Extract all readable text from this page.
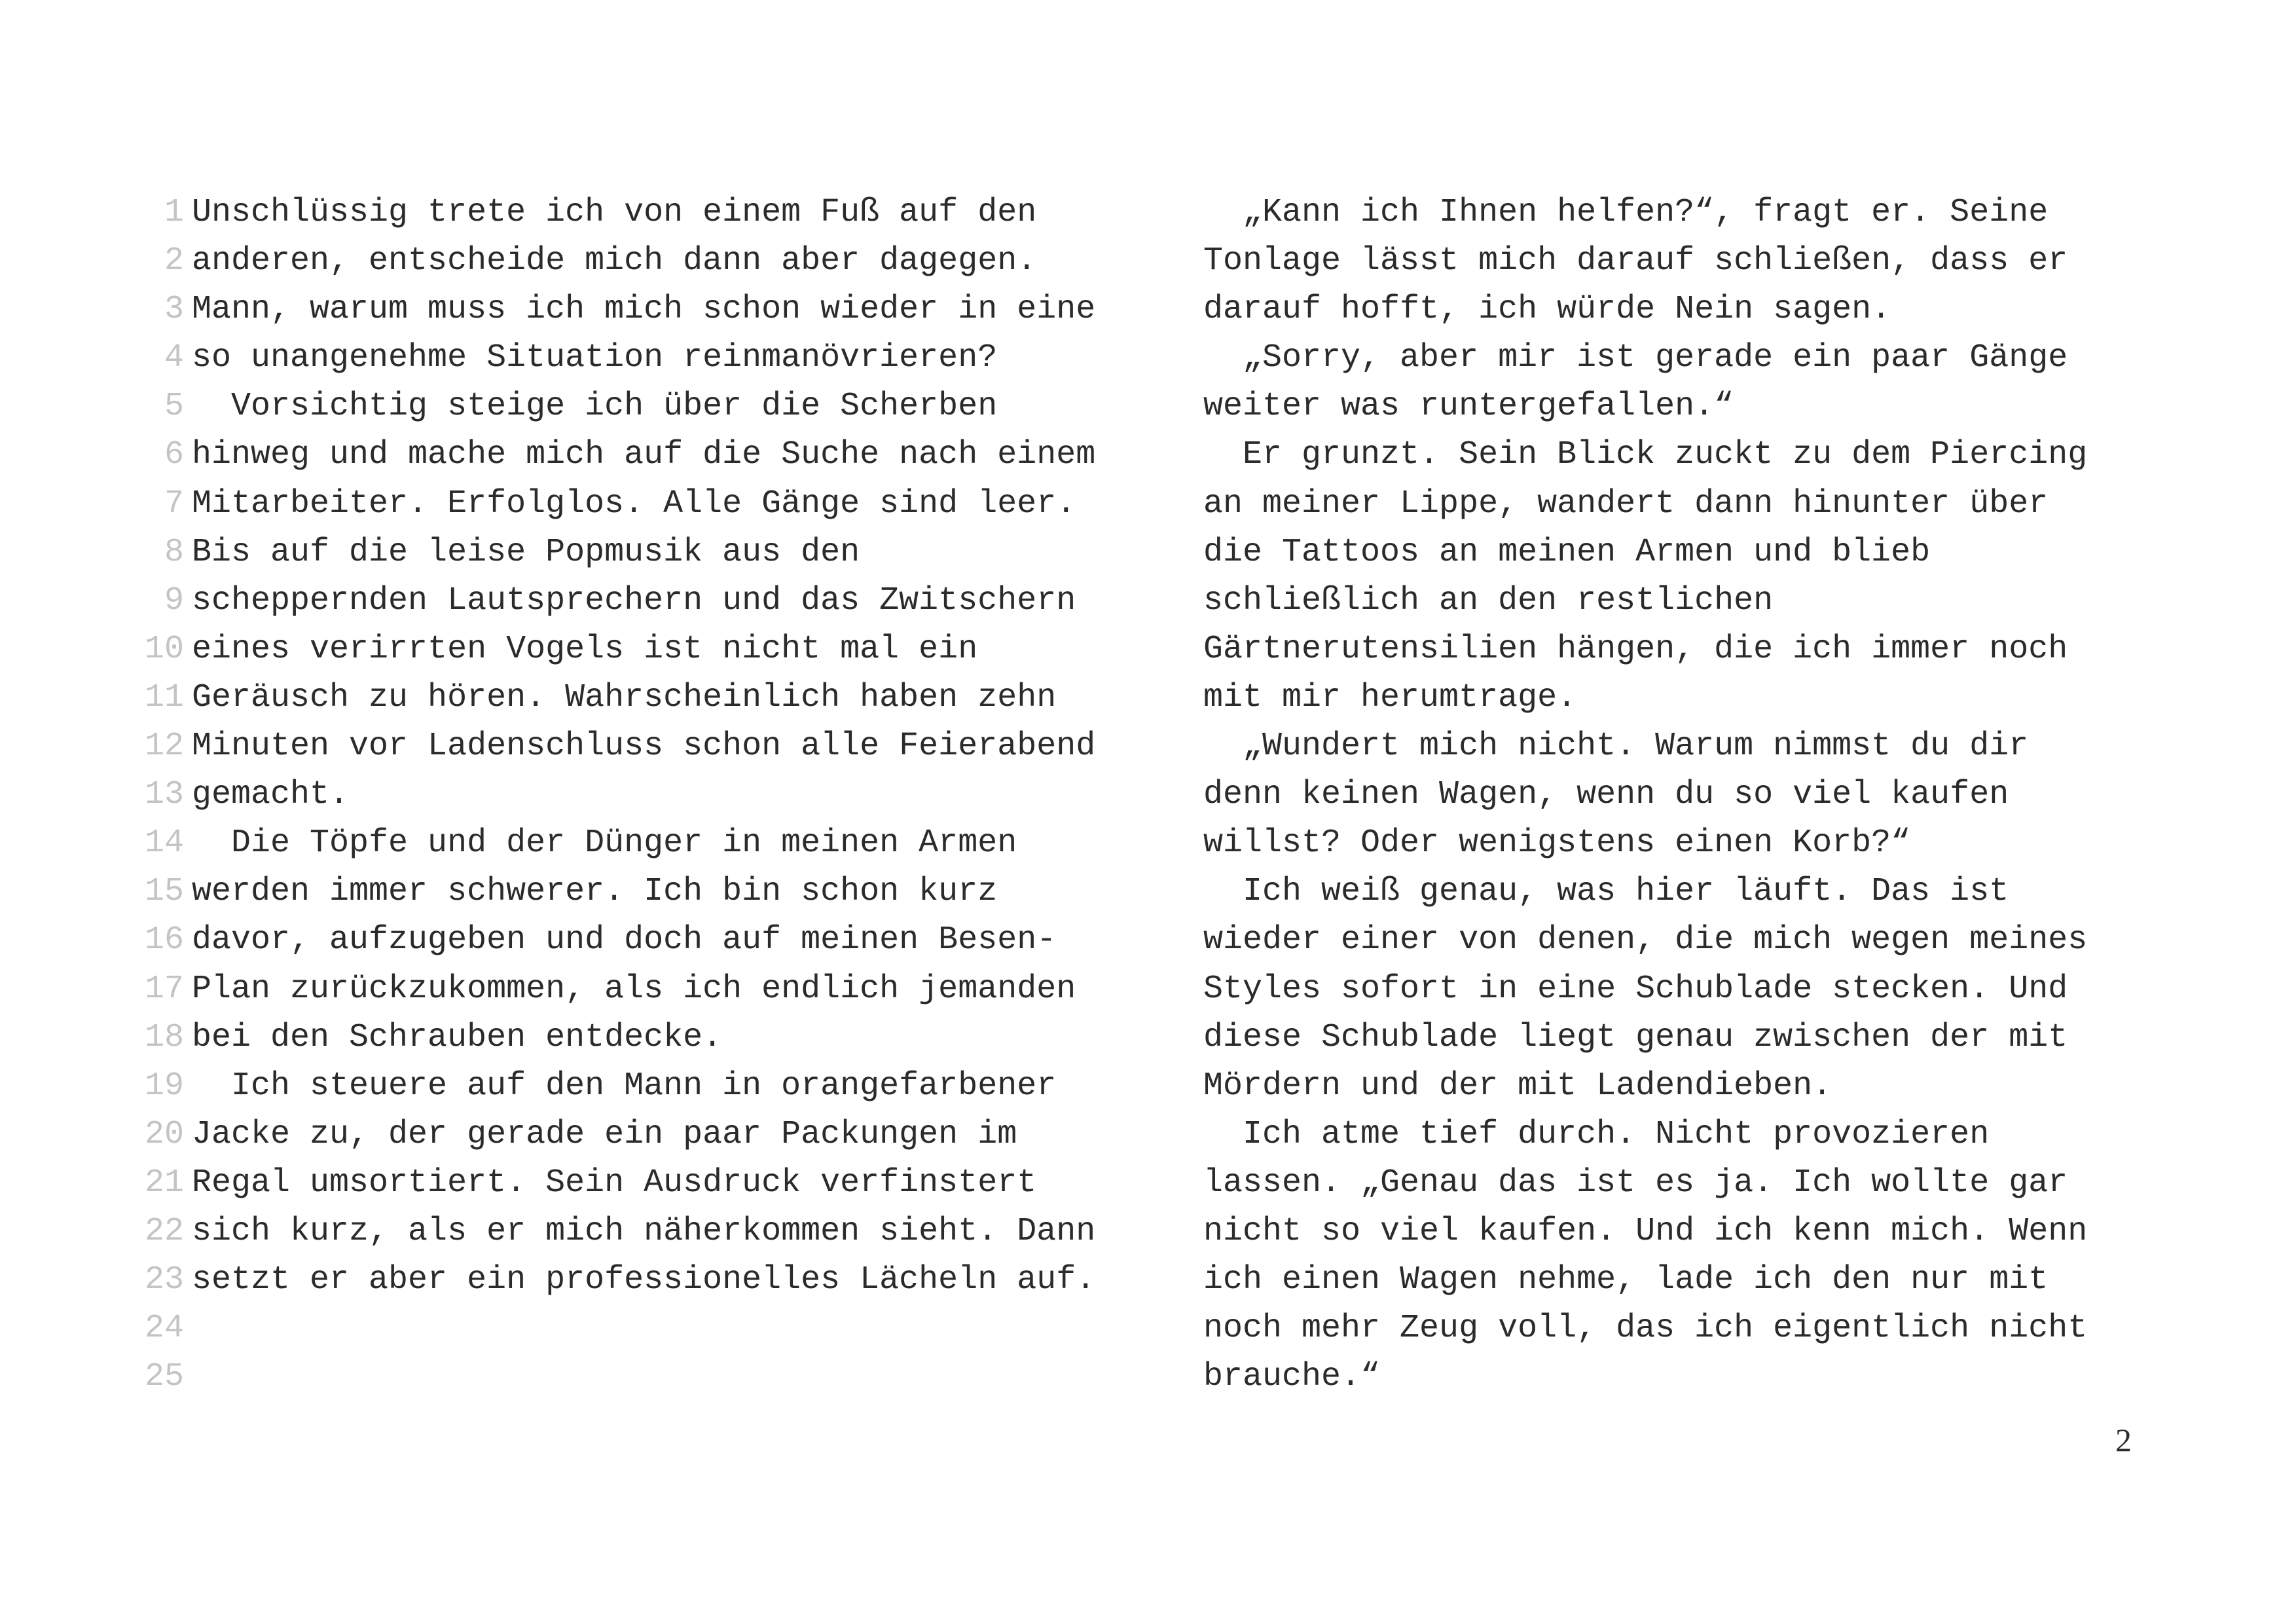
1 Unschlüssig trete ich von einem Fuß auf den
2 anderen, entscheide mich dann aber dagegen.
3 Mann, warum muss ich mich schon wieder in eine
4 so unangenehme Situation reinmanövrieren?
5 Vorsichtig steige ich über die Scherben
6 hinweg und mache mich auf die Suche nach einem
7 Mitarbeiter. Erfolglos. Alle Gänge sind leer.
8 Bis auf die leise Popmusik aus den
9 scheppernden Lautsprechern und das Zwitschern
10 eines verirrten Vogels ist nicht mal ein
11 Geräusch zu hören. Wahrscheinlich haben zehn
12 Minuten vor Ladenschluss schon alle Feierabend
13 gemacht.
14 Die Töpfe und der Dünger in meinen Armen
15 werden immer schwerer. Ich bin schon kurz
16 davor, aufzugeben und doch auf meinen Besen-
17 Plan zurückzukommen, als ich endlich jemanden
18 bei den Schrauben entdecke.
19 Ich steuere auf den Mann in orangefarbener
20 Jacke zu, der gerade ein paar Packungen im
21 Regal umsortiert. Sein Ausdruck verfinstert
22 sich kurz, als er mich näherkommen sieht. Dann
23 setzt er aber ein professionelles Lächeln auf.
24
25
„Kann ich Ihnen helfen?“, fragt er. Seine
Tonlage lässt mich darauf schließen, dass er
darauf hofft, ich würde Nein sagen.
„Sorry, aber mir ist gerade ein paar Gänge
weiter was runtergefallen.“
Er grunzt. Sein Blick zuckt zu dem Piercing
an meiner Lippe, wandert dann hinunter über
die Tattoos an meinen Armen und blieb
schließlich an den restlichen
Gärtnerutensilien hängen, die ich immer noch
mit mir herumtrage.
„Wundert mich nicht. Warum nimmst du dir
denn keinen Wagen, wenn du so viel kaufen
willst? Oder wenigstens einen Korb?“
Ich weiß genau, was hier läuft. Das ist
wieder einer von denen, die mich wegen meines
Styles sofort in eine Schublade stecken. Und
diese Schublade liegt genau zwischen der mit
Mördern und der mit Ladendieben.
Ich atme tief durch. Nicht provozieren
lassen. „Genau das ist es ja. Ich wollte gar
nicht so viel kaufen. Und ich kenn mich. Wenn
ich einen Wagen nehme, lade ich den nur mit
noch mehr Zeug voll, das ich eigentlich nicht
brauche.“
2
